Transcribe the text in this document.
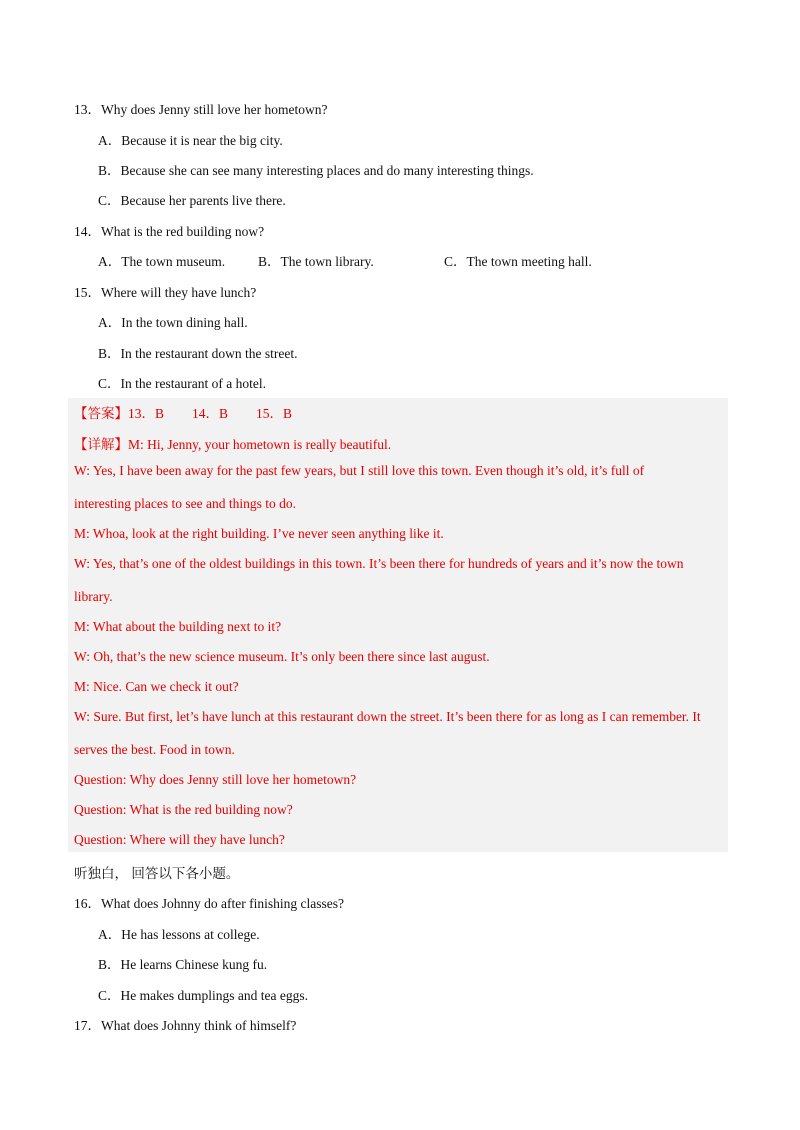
13．Why does Jenny still love her hometown?
A．Because it is near the big city.
B．Because she can see many interesting places and do many interesting things.
C．Because her parents live there.
14．What is the red building now?
A．The town museum. B．The town library.	C．The town meeting hall.
15．Where will they have lunch?
A．In the town dining hall.
B．In the restaurant down the street.
C．In the restaurant of a hotel.
【答案】13．B 14．B 15．B
【详解】M: Hi, Jenny, your hometown is really beautiful.
W: Yes, I have been away for the past few years, but I still love this town. Even though it’s old, it’s full of
interesting places to see and things to do.
M: Whoa, look at the right building. I’ve never seen anything like it.
W: Yes, that’s one of the oldest buildings in this town. It’s been there for hundreds of years and it’s now the town
library.
M: What about the building next to it?
W: Oh, that’s the new science museum. It’s only been there since last august.
M: Nice. Can we check it out?
W: Sure. But first, let’s have lunch at this restaurant down the street. It’s been there for as long as I can remember. It
serves the best. Food in town.
Question: Why does Jenny still love her hometown?
Question: What is the red building now?
Question: Where will they have lunch?
听独白， 回答以下各小题。
16．What does Johnny do after finishing classes?
A．He has lessons at college.
B．He learns Chinese kung fu.
C．He makes dumplings and tea eggs.
17．What does Johnny think of himself?
